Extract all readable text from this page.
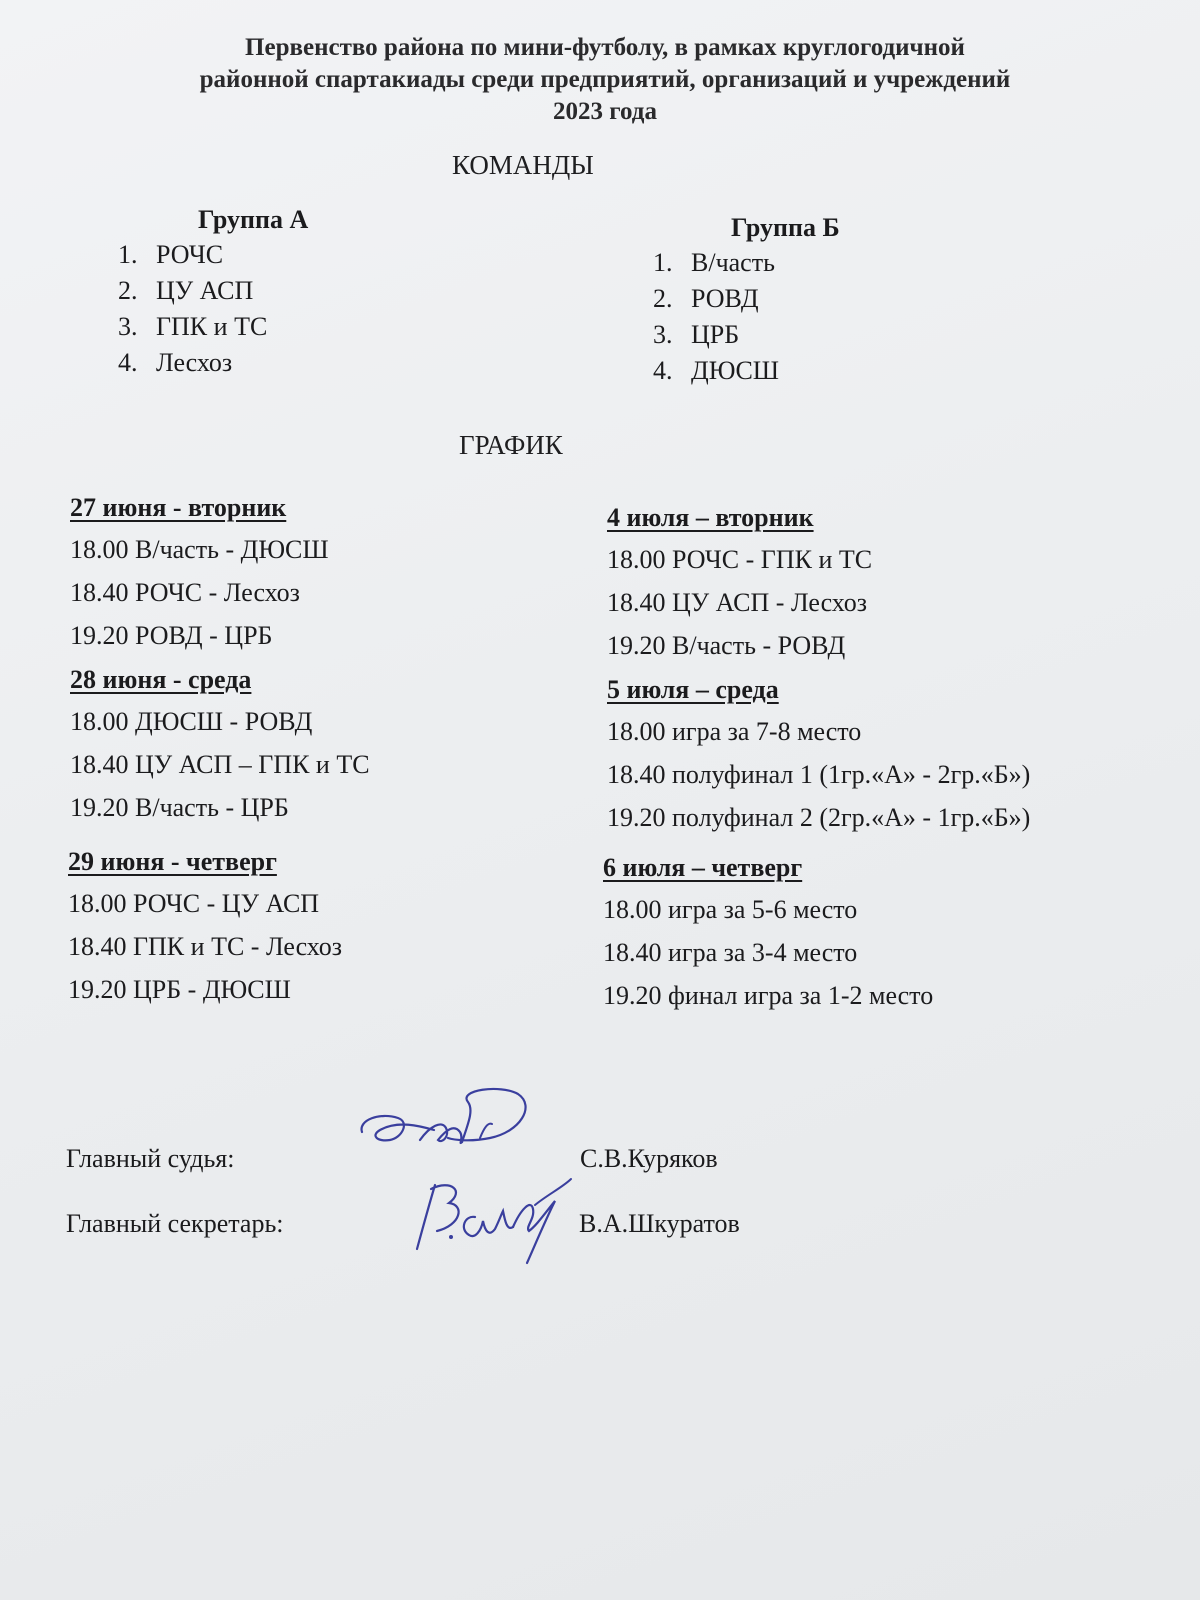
Первенство района по мини-футболу, в рамках круглогодичной
районной спартакиады среди предприятий, организаций и учреждений
2023 года
КОМАНДЫ
Группа А
1. РОЧС
2. ЦУ АСП
3. ГПК и ТС
4. Лесхоз
Группа Б
1. В/часть
2. РОВД
3. ЦРБ
4. ДЮСШ
ГРАФИК
27 июня - вторник

18.00 В/часть - ДЮСШ

18.40 РОЧС - Лесхоз

19.20 РОВД - ЦРБ

28 июня - среда

18.00 ДЮСШ - РОВД

18.40 ЦУ АСП – ГПК и ТС

19.20 В/часть - ЦРБ

29 июня - четверг

18.00 РОЧС - ЦУ АСП

18.40 ГПК и ТС - Лесхоз

19.20 ЦРБ - ДЮСШ

4 июля – вторник

18.00 РОЧС - ГПК и ТС

18.40 ЦУ АСП - Лесхоз

19.20 В/часть - РОВД

5 июля – среда

18.00 игра за 7-8 место

18.40 полуфинал 1 (1гр.«А» - 2гр.«Б»)

19.20 полуфинал 2 (2гр.«А» - 1гр.«Б»)

6 июля – четверг

18.00 игра за 5-6 место

18.40 игра за 3-4 место

19.20 финал игра за 1-2 место

Главный судья:	С.В.Куряков
Главный секретарь:	В.А.Шкуратов
